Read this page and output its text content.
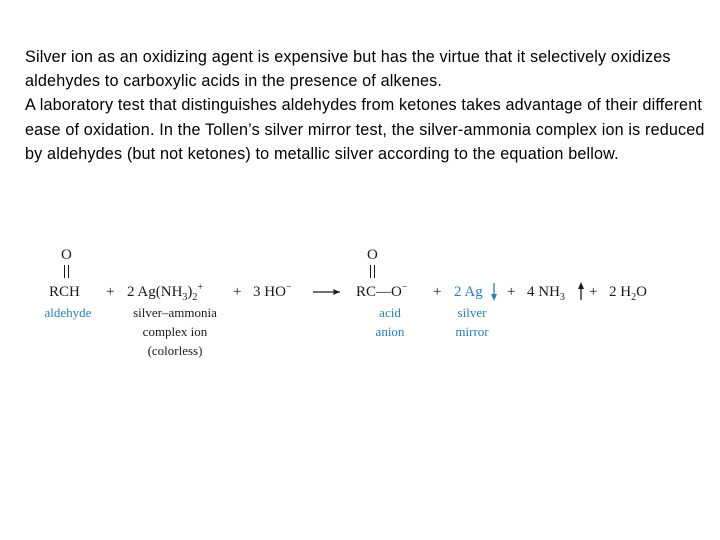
Silver ion as an oxidizing agent is expensive but has the virtue that it selectively oxidizes aldehydes to carboxylic acids in the presence of alkenes.

A laboratory test that distinguishes aldehydes from ketones takes advantage of their different ease of oxidation. In the Tollen’s silver mirror test, the silver-ammonia complex ion is reduced by aldehydes (but not ketones) to metallic silver according to the equation bellow.

O
RCH + 2 $Ag(NH_3)_2^+ + 3$ HO−
O
RC—O− + 2 Ag + 4 $NH_3 + 2$ $H_2O$
aldehyde	silver–ammonia
complex ion
(colorless)
acid
anion
silver
mirror
